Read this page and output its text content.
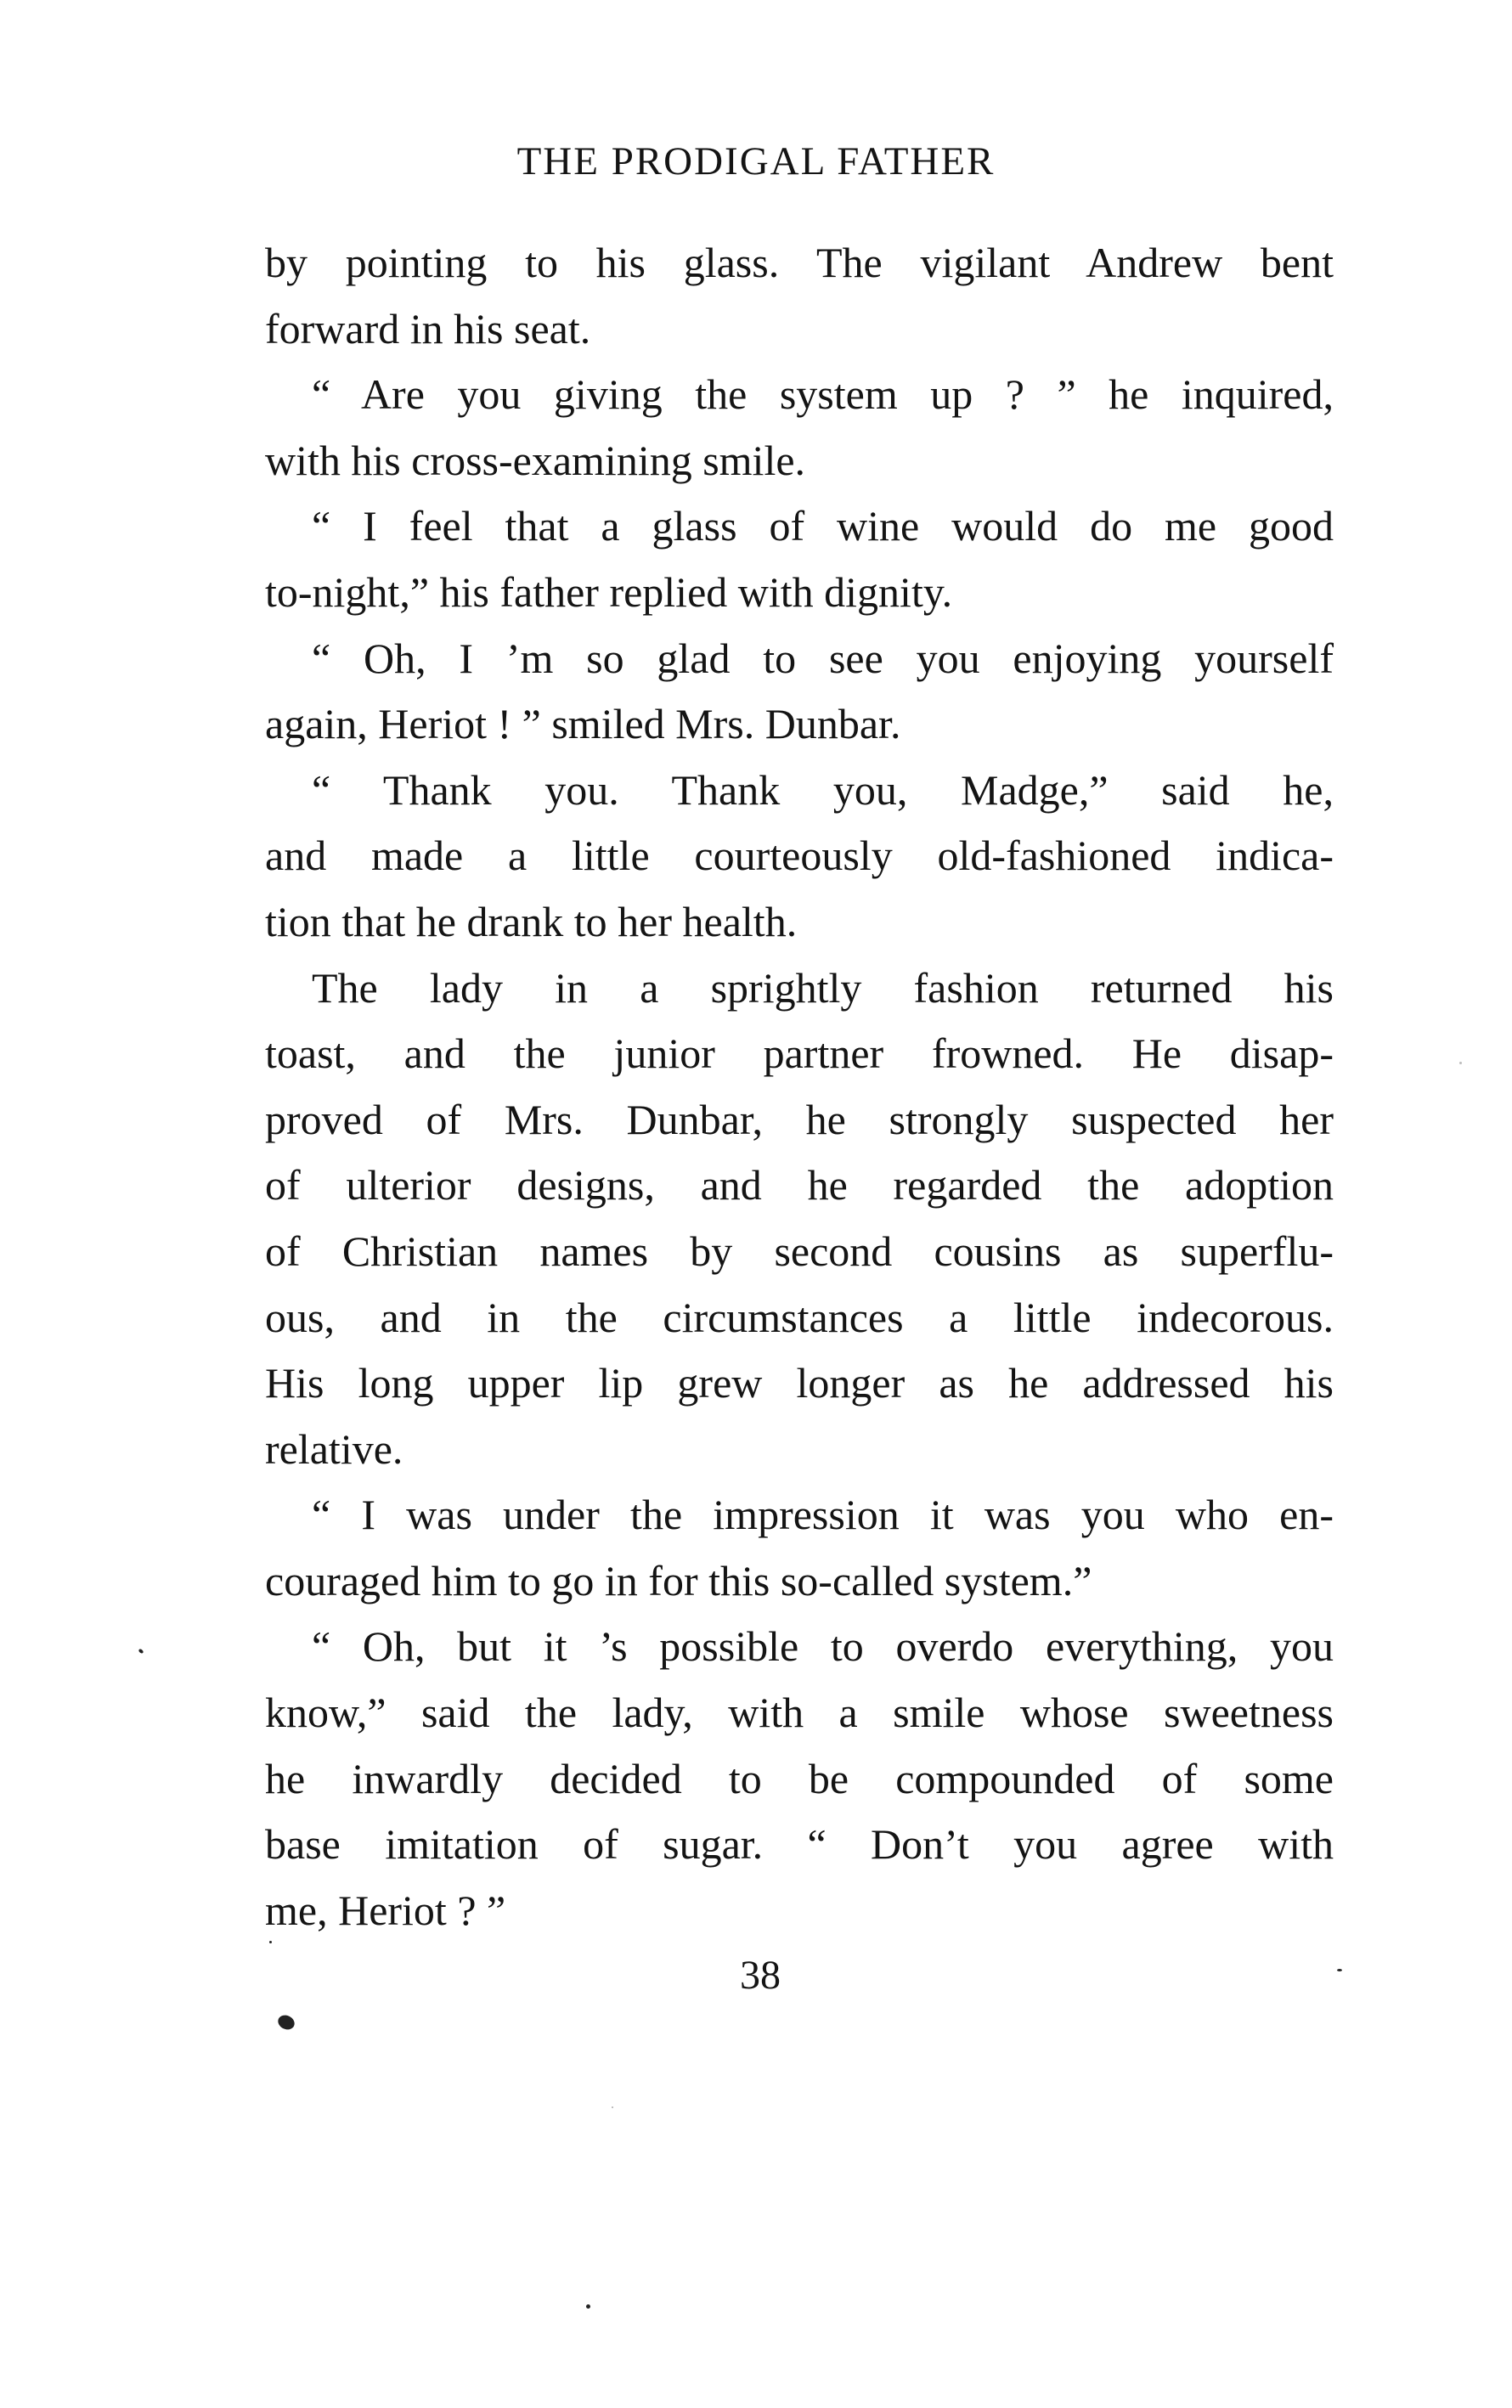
THE PRODIGAL FATHER
by pointing to his glass. The vigilant Andrew bent
forward in his seat.
“ Are you giving the system up ? ” he inquired,
with his cross-examining smile.
“ I feel that a glass of wine would do me good
to-night,” his father replied with dignity.
“ Oh, I ’m so glad to see you enjoying yourself
again, Heriot ! ” smiled Mrs. Dunbar.
“ Thank you. Thank you, Madge,” said he,
and made a little courteously old-fashioned indica-
tion that he drank to her health.
The lady in a sprightly fashion returned his
toast, and the junior partner frowned. He disap-
proved of Mrs. Dunbar, he strongly suspected her
of ulterior designs, and he regarded the adoption
of Christian names by second cousins as superflu-
ous, and in the circumstances a little indecorous.
His long upper lip grew longer as he addressed his
relative.
“ I was under the impression it was you who en-
couraged him to go in for this so-called system.”
“ Oh, but it ’s possible to overdo everything, you
know,” said the lady, with a smile whose sweetness
he inwardly decided to be compounded of some
base imitation of sugar. “ Don’t you agree with
me, Heriot ? ”
38
